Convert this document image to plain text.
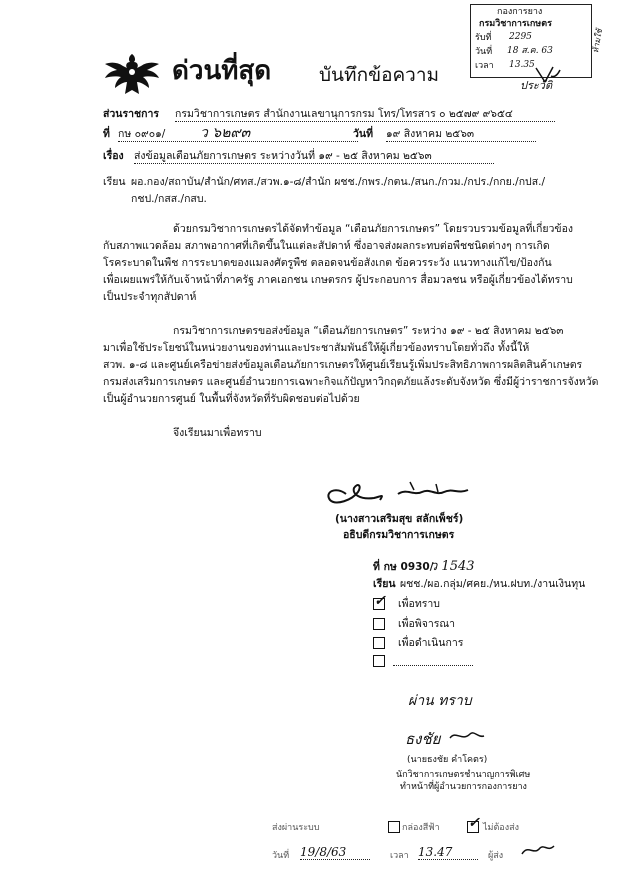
กองการยาง
กรมวิชาการเกษตร
รับที่ 2295
วันที่ 18 ส.ค. 63
เวลา 13.35
ห้ามใช้
ประวัติ
ด่วนที่สุด	บันทึกข้อความ
ส่วนราชการ กรมวิชาการเกษตร สำนักงานเลขานุการกรม โทร/โทรสาร ๐ ๒๕๗๙ ๙๖๕๔
ที่ กษ ๐๙๐๑/	ว ๖๒๙๓	วันที่ ๑๙ สิงหาคม ๒๕๖๓
เรื่อง ส่งข้อมูลเตือนภัยการเกษตร ระหว่างวันที่ ๑๙ - ๒๕ สิงหาคม ๒๕๖๓
เรียน ผอ.กอง/สถาบัน/สำนัก/ศทส./สวพ.๑-๘/สำนัก ผชช./กพร./กตน./สนก./กวม./กปร./กกย./กปส./
กชป./กสส./กสบ.
ด้วยกรมวิชาการเกษตรได้จัดทำข้อมูล “เตือนภัยการเกษตร” โดยรวบรวมข้อมูลที่เกี่ยวข้อง
กับสภาพแวดล้อม สภาพอากาศที่เกิดขึ้นในแต่ละสัปดาห์ ซึ่งอาจส่งผลกระทบต่อพืชชนิดต่างๆ การเกิด
โรคระบาดในพืช การระบาดของแมลงศัตรูพืช ตลอดจนข้อสังเกต ข้อควรระวัง แนวทางแก้ไข/ป้องกัน
เพื่อเผยแพร่ให้กับเจ้าหน้าที่ภาครัฐ ภาคเอกชน เกษตรกร ผู้ประกอบการ สื่อมวลชน หรือผู้เกี่ยวข้องได้ทราบ
เป็นประจำทุกสัปดาห์
กรมวิชาการเกษตรขอส่งข้อมูล “เตือนภัยการเกษตร” ระหว่าง ๑๙ - ๒๕ สิงหาคม ๒๕๖๓
มาเพื่อใช้ประโยชน์ในหน่วยงานของท่านและประชาสัมพันธ์ให้ผู้เกี่ยวข้องทราบโดยทั่วถึง ทั้งนี้ให้
สวพ. ๑-๘ และศูนย์เครือข่ายส่งข้อมูลเตือนภัยการเกษตรให้ศูนย์เรียนรู้เพิ่มประสิทธิภาพการผลิตสินค้าเกษตร
กรมส่งเสริมการเกษตร และศูนย์อำนวยการเฉพาะกิจแก้ปัญหาวิกฤตภัยแล้งระดับจังหวัด ซึ่งมีผู้ว่าราชการจังหวัด
เป็นผู้อำนวยการศูนย์ ในพื้นที่จังหวัดที่รับผิดชอบต่อไปด้วย
จึงเรียนมาเพื่อทราบ
(นางสาวเสริมสุข สลักเพ็ชร์)
อธิบดีกรมวิชาการเกษตร
ที่ กษ 0930/
ว 1543
เรียน ผชช./ผอ.กลุ่ม/ศคย./หน.ฝบท./งานเงินทุน
✓ เพื่อทราบ
เพื่อพิจารณา
เพื่อดำเนินการ
ผ่าน ทราบ
ธงชัย
(นายธงชัย คำโคตร)
นักวิชาการเกษตรชำนาญการพิเศษ
ทำหน้าที่ผู้อำนวยการกองการยาง
ส่งผ่านระบบ	กล่องสีฟ้า ✓ ไม่ต้องส่ง
วันที่ 19/8/63	เวลา 13.47	ผู้ส่ง
